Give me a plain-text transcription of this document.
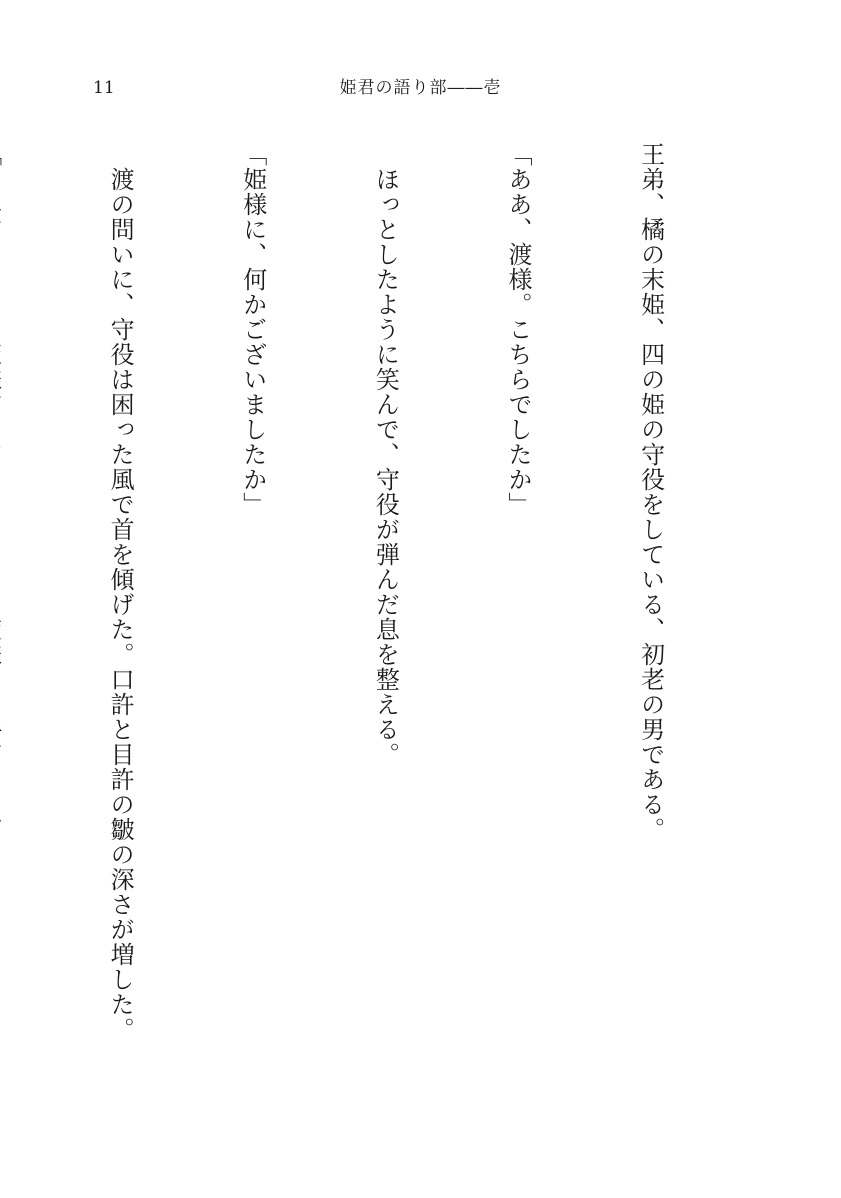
11	姫君の語り部――壱

王弟、橘の末姫、四の姫の守役をしている、初老の男である。

「ああ、渡様。こちらでしたか」

　ほっとしたように笑んで、守役が弾んだ息を整える。

「姫様に、何かございましたか」

　渡の問いに、守役は困った風で首を傾げた。口許と目許の皺の深さが増した。
